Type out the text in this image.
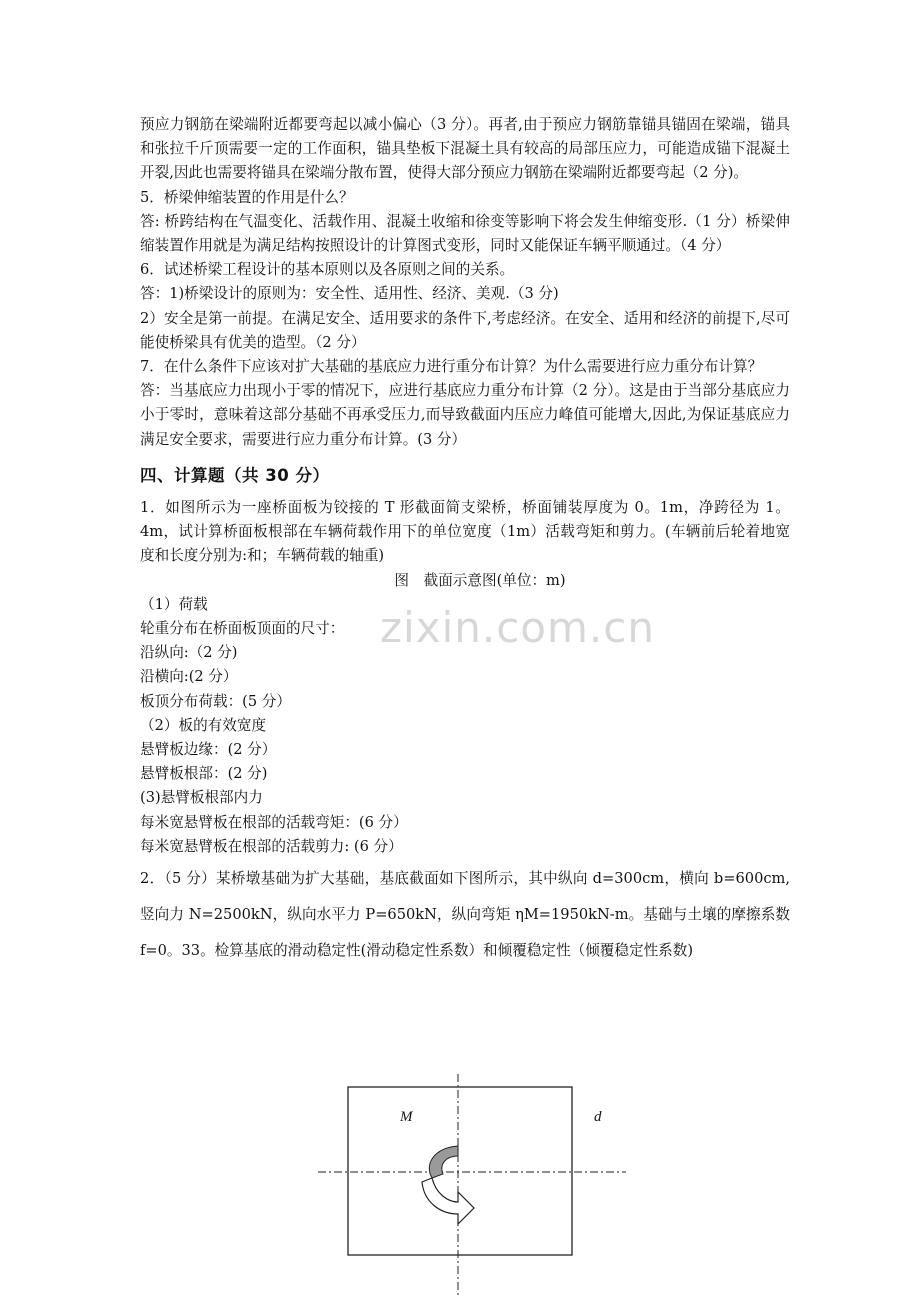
预应力钢筋在梁端附近都要弯起以减小偏心（3 分）。再者,由于预应力钢筋靠锚具锚固在梁端，锚具和张拉千斤顶需要一定的工作面积，锚具垫板下混凝土具有较高的局部压应力，可能造成锚下混凝土开裂,因此也需要将锚具在梁端分散布置，使得大部分预应力钢筋在梁端附近都要弯起（2 分)。

5．桥梁伸缩装置的作用是什么？

答: 桥跨结构在气温变化、活载作用、混凝土收缩和徐变等影响下将会发生伸缩变形.（1 分）桥梁伸缩装置作用就是为满足结构按照设计的计算图式变形，同时又能保证车辆平顺通过。（4 分）

6．试述桥梁工程设计的基本原则以及各原则之间的关系。

答：1)桥梁设计的原则为：安全性、适用性、经济、美观.（3 分)

2）安全是第一前提。在满足安全、适用要求的条件下,考虑经济。在安全、适用和经济的前提下,尽可能使桥梁具有优美的造型。（2 分）

7．在什么条件下应该对扩大基础的基底应力进行重分布计算？为什么需要进行应力重分布计算？

答：当基底应力出现小于零的情况下，应进行基底应力重分布计算（2 分）。这是由于当部分基底应力小于零时，意味着这部分基础不再承受压力,而导致截面内压应力峰值可能增大,因此,为保证基底应力满足安全要求，需要进行应力重分布计算。(3 分）

四、计算题（共 30 分）

1．如图所示为一座桥面板为铰接的 T 形截面简支梁桥，桥面铺装厚度为 0。1m，净跨径为 1。4m，试计算桥面板根部在车辆荷载作用下的单位宽度（1m）活载弯矩和剪力。(车辆前后轮着地宽度和长度分别为:和；车辆荷载的轴重)

图　截面示意图(单位：m)

（1）荷载

轮重分布在桥面板顶面的尺寸：

沿纵向:（2 分)

沿横向:(2 分）

板顶分布荷载：(5 分）

（2）板的有效宽度

悬臂板边缘：(2 分）

悬臂板根部：(2 分)

(3)悬臂板根部内力

每米宽悬臂板在根部的活载弯矩：(6 分）

每米宽悬臂板在根部的活载剪力: (6 分）

2．（5 分）某桥墩基础为扩大基础，基底截面如下图所示，其中纵向 d=300cm，横向 b=600cm,竖向力 N=2500kN，纵向水平力 P=650kN，纵向弯矩 ηM=1950kN-m。基础与土壤的摩擦系数 f=0。33。检算基底的滑动稳定性(滑动稳定性系数）和倾覆稳定性（倾覆稳定性系数)

zixin.com.cn
M	d
